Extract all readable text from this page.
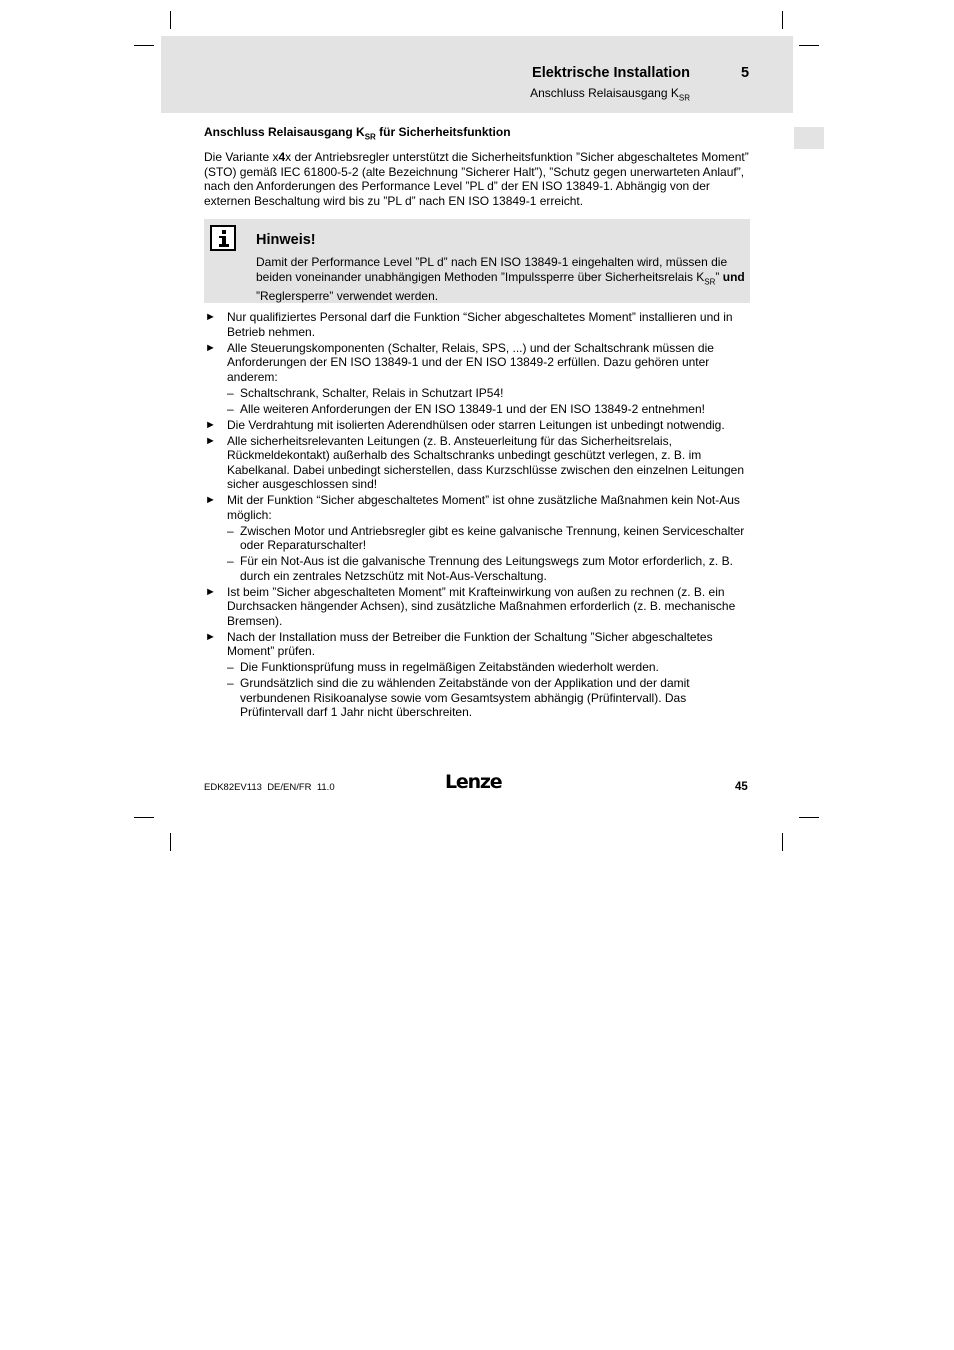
Elektrische Installation	5
Anschluss Relaisausgang $K_{SR}$
Anschluss Relaisausgang $K_{SR}$ für Sicherheitsfunktion
Die Variante x4x der Antriebsregler unterstützt die Sicherheitsfunktion ”Sicher abgeschaltetes Moment” (STO) gemäß IEC 61800-5-2 (alte Bezeichnung ”Sicherer Halt”), ”Schutz gegen unerwarteten Anlauf”, nach den Anforderungen des Performance Level ”PL d” der EN ISO 13849-1. Abhängig von der externen Beschaltung wird bis zu ”PL d” nach EN ISO 13849-1 erreicht.
Hinweis!
Damit der Performance Level ”PL d” nach EN ISO 13849-1 eingehalten wird, müssen die beiden voneinander unabhängigen Methoden ”Impulssperre über Sicherheitsrelais $K_{SR}$” und ”Reglersperre” verwendet werden.
► Nur qualifiziertes Personal darf die Funktion “Sicher abgeschaltetes Moment” installieren und in Betrieb nehmen.
► Alle Steuerungskomponenten (Schalter, Relais, SPS, ...) und der Schaltschrank müssen die Anforderungen der EN ISO 13849-1 und der EN ISO 13849-2 erfüllen. Dazu gehören unter anderem:
– Schaltschrank, Schalter, Relais in Schutzart IP54!
– Alle weiteren Anforderungen der EN ISO 13849-1 und der EN ISO 13849-2 entnehmen!
► Die Verdrahtung mit isolierten Aderendhülsen oder starren Leitungen ist unbedingt notwendig.
► Alle sicherheitsrelevanten Leitungen (z. B. Ansteuerleitung für das Sicherheitsrelais, Rückmeldekontakt) außerhalb des Schaltschranks unbedingt geschützt verlegen, z. B. im Kabelkanal. Dabei unbedingt sicherstellen, dass Kurzschlüsse zwischen den einzelnen Leitungen sicher ausgeschlossen sind!
► Mit der Funktion “Sicher abgeschaltetes Moment” ist ohne zusätzliche Maßnahmen kein Not-Aus möglich:
– Zwischen Motor und Antriebsregler gibt es keine galvanische Trennung, keinen Serviceschalter oder Reparaturschalter!
– Für ein Not-Aus ist die galvanische Trennung des Leitungswegs zum Motor erforderlich, z. B. durch ein zentrales Netzschütz mit Not-Aus-Verschaltung.
► Ist beim ”Sicher abgeschalteten Moment” mit Krafteinwirkung von außen zu rechnen (z. B. ein Durchsacken hängender Achsen), sind zusätzliche Maßnahmen erforderlich (z. B. mechanische Bremsen).
► Nach der Installation muss der Betreiber die Funktion der Schaltung ”Sicher abgeschaltetes Moment” prüfen.
– Die Funktionsprüfung muss in regelmäßigen Zeitabständen wiederholt werden.
– Grundsätzlich sind die zu wählenden Zeitabstände von der Applikation und der damit verbundenen Risikoanalyse sowie vom Gesamtsystem abhängig (Prüfintervall). Das Prüfintervall darf 1 Jahr nicht überschreiten.
EDK82EV113  DE/EN/FR  11.0	Lenze	45
